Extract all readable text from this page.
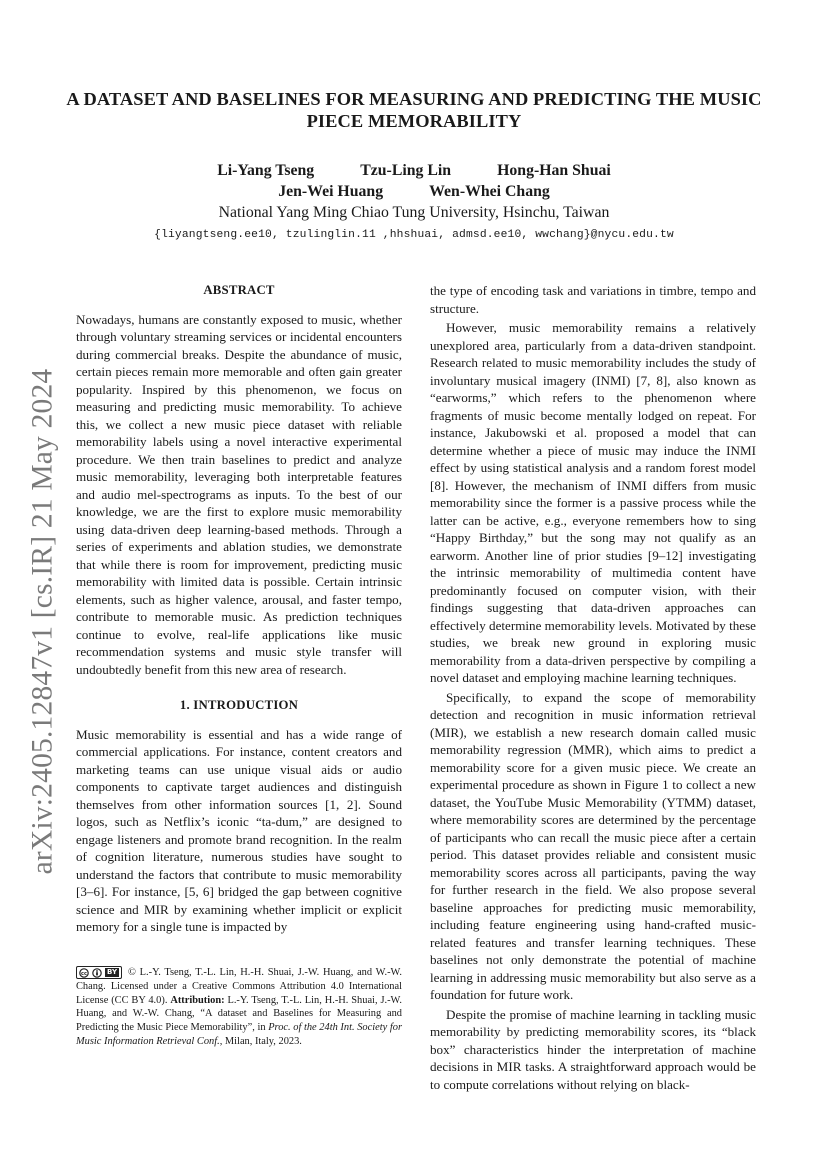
arXiv:2405.12847v1 [cs.IR] 21 May 2024
A DATASET AND BASELINES FOR MEASURING AND PREDICTING THE MUSIC PIECE MEMORABILITY
Li-Yang Tseng	Tzu-Ling Lin	Hong-Han Shuai
Jen-Wei Huang	Wen-Whei Chang
National Yang Ming Chiao Tung University, Hsinchu, Taiwan
{liyangtseng.ee10, tzulinglin.11 ,hhshuai, admsd.ee10, wwchang}@nycu.edu.tw
ABSTRACT

Nowadays, humans are constantly exposed to music, whether through voluntary streaming services or incidental encounters during commercial breaks. Despite the abundance of music, certain pieces remain more memorable and often gain greater popularity. Inspired by this phenomenon, we focus on measuring and predicting music memorability. To achieve this, we collect a new music piece dataset with reliable memorability labels using a novel interactive experimental procedure. We then train baselines to predict and analyze music memorability, leveraging both interpretable features and audio mel-spectrograms as inputs. To the best of our knowledge, we are the first to explore music memorability using data-driven deep learning-based methods. Through a series of experiments and ablation studies, we demonstrate that while there is room for improvement, predicting music memorability with limited data is possible. Certain intrinsic elements, such as higher valence, arousal, and faster tempo, contribute to memorable music. As prediction techniques continue to evolve, real-life applications like music recommendation systems and music style transfer will undoubtedly benefit from this new area of research.

1. INTRODUCTION

Music memorability is essential and has a wide range of commercial applications. For instance, content creators and marketing teams can use unique visual aids or audio components to captivate target audiences and distinguish themselves from other information sources [1, 2]. Sound logos, such as Netflix’s iconic “ta-dum,” are designed to engage listeners and promote brand recognition. In the realm of cognition literature, numerous studies have sought to understand the factors that contribute to music memorability [3–6]. For instance, [5, 6] bridged the gap between cognitive science and MIR by examining whether implicit or explicit memory for a single tune is impacted by

cc	BY © L.-Y. Tseng, T.-L. Lin, H.-H. Shuai, J.-W. Huang, and W.-W. Chang. Licensed under a Creative Commons Attribution 4.0 International License (CC BY 4.0). Attribution: L.-Y. Tseng, T.-L. Lin, H.-H. Shuai, J.-W. Huang, and W.-W. Chang, “A dataset and Baselines for Measuring and Predicting the Music Piece Memorability”, in Proc. of the 24th Int. Society for Music Information Retrieval Conf., Milan, Italy, 2023.

the type of encoding task and variations in timbre, tempo and structure.

However, music memorability remains a relatively unexplored area, particularly from a data-driven standpoint. Research related to music memorability includes the study of involuntary musical imagery (INMI) [7, 8], also known as “earworms,” which refers to the phenomenon where fragments of music become mentally lodged on repeat. For instance, Jakubowski et al. proposed a model that can determine whether a piece of music may induce the INMI effect by using statistical analysis and a random forest model [8]. However, the mechanism of INMI differs from music memorability since the former is a passive process while the latter can be active, e.g., everyone remembers how to sing “Happy Birthday,” but the song may not qualify as an earworm. Another line of prior studies [9–12] investigating the intrinsic memorability of multimedia content have predominantly focused on computer vision, with their findings suggesting that data-driven approaches can effectively determine memorability levels. Motivated by these studies, we break new ground in exploring music memorability from a data-driven perspective by compiling a novel dataset and employing machine learning techniques.

Specifically, to expand the scope of memorability detection and recognition in music information retrieval (MIR), we establish a new research domain called music memorability regression (MMR), which aims to predict a memorability score for a given music piece. We create an experimental procedure as shown in Figure 1 to collect a new dataset, the YouTube Music Memorability (YTMM) dataset, where memorability scores are determined by the percentage of participants who can recall the music piece after a certain period. This dataset provides reliable and consistent music memorability scores across all participants, paving the way for further research in the field. We also propose several baseline approaches for predicting music memorability, including feature engineering using hand-crafted music-related features and transfer learning techniques. These baselines not only demonstrate the potential of machine learning in addressing music memorability but also serve as a foundation for future work.

Despite the promise of machine learning in tackling music memorability by predicting memorability scores, its “black box” characteristics hinder the interpretation of machine decisions in MIR tasks. A straightforward approach would be to compute correlations without relying on black-
